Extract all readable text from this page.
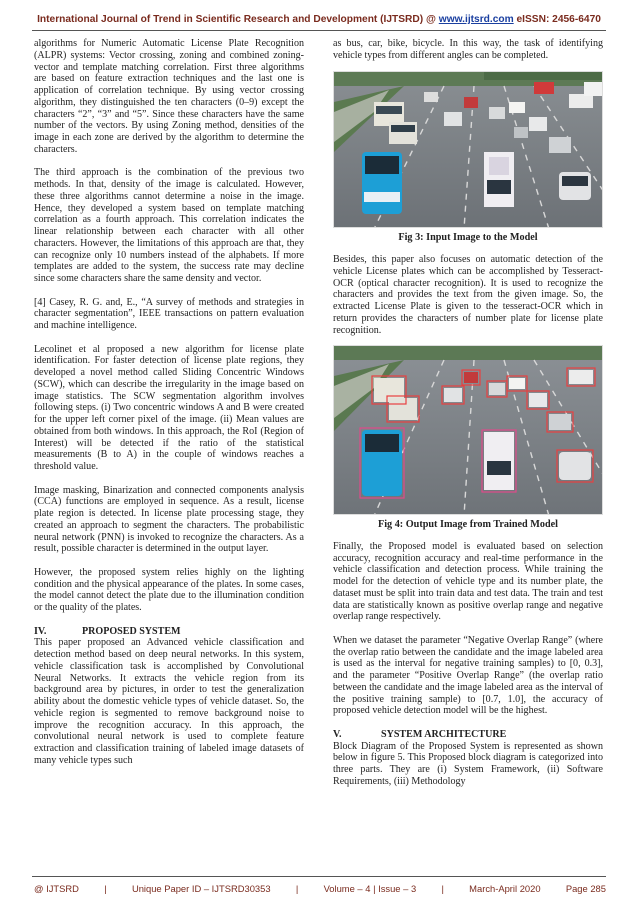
International Journal of Trend in Scientific Research and Development (IJTSRD) @ www.ijtsrd.com eISSN: 2456-6470

algorithms for Numeric Automatic License Plate Recognition (ALPR) systems: Vector crossing, zoning and combined zoning-vector and template matching correlation. First three algorithms are based on feature extraction techniques and the last one is application of correlation technique. By using vector crossing algorithm, they distinguished the ten characters (0–9) except the characters “2”, “3” and “5”. Since these characters have the same number of the vectors. By using Zoning method, densities of the image in each zone are derived by the algorithm to determine the characters.

The third approach is the combination of the previous two methods. In that, density of the image is calculated. However, these three algorithms cannot determine a noise in the image. Hence, they developed a system based on template matching correlation as a fourth approach. This correlation indicates the linear relationship between each character with all other characters. However, the limitations of this approach are that, they can recognize only 10 numbers instead of the alphabets. If more templates are added to the system, the success rate may decline since some characters share the same density and vector.

[4] Casey, R. G. and, E., “A survey of methods and strategies in character segmentation”, IEEE transactions on pattern evaluation and machine intelligence.

Lecolinet et al proposed a new algorithm for license plate identification. For faster detection of license plate regions, they developed a novel method called Sliding Concentric Windows (SCW), which can describe the irregularity in the image based on image statistics. The SCW segmentation algorithm involves following steps. (i) Two concentric windows A and B were created for the upper left corner pixel of the image. (ii) Mean values are obtained from both windows. In this approach, the RoI (Region of Interest) will be detected if the ratio of the statistical measurements (B to A) in the couple of windows reaches a threshold value.

Image masking, Binarization and connected components analysis (CCA) functions are employed in sequence. As a result, license plate region is detected. In license plate processing stage, they created an approach to segment the characters. The probabilistic neural network (PNN) is invoked to recognize the characters. As a result, possible character is determined in the output layer.

However, the proposed system relies highly on the lighting condition and the physical appearance of the plates. In some cases, the model cannot detect the plate due to the illumination condition or the quality of the plates.

IV.	PROPOSED SYSTEM

This paper proposed an Advanced vehicle classification and detection method based on deep neural networks. In this system, vehicle classification task is accomplished by Convolutional Neural Networks. It extracts the vehicle region from its background area by pictures, in order to test the generalization ability about the domestic vehicle types of vehicle dataset. So, the vehicle region is segmented to remove background noise to improve the recognition accuracy. In this approach, the convolutional neural network is used to complete feature extraction and classification training of labeled image datasets of many vehicle types such

as bus, car, bike, bicycle. In this way, the task of identifying vehicle types from different angles can be completed.

Fig 3: Input Image to the Model

Besides, this paper also focuses on automatic detection of the vehicle License plates which can be accomplished by Tesseract-OCR (optical character recognition). It is used to recognize the characters and provides the text from the given image. So, the extracted License Plate is given to the tesseract-OCR which in return provides the characters of number plate for license plate recognition.

Fig 4: Output Image from Trained Model

Finally, the Proposed model is evaluated based on selection accuracy, recognition accuracy and real-time performance in the vehicle classification and detection process. While training the model for the detection of vehicle type and its number plate, the dataset must be split into train data and test data. The train and test data are statistically known as positive overlap range and negative overlap range respectively.

When we dataset the parameter “Negative Overlap Range” (where the overlap ratio between the candidate and the image labeled area is used as the interval for negative training samples) to [0, 0.3], and the parameter “Positive Overlap Range” (the overlap ratio between the candidate and the image labeled area as the interval of the positive training sample) to [0.7, 1.0], the accuracy of proposed vehicle detection model will be the highest.

V.	SYSTEM ARCHITECTURE

Block Diagram of the Proposed System is represented as shown below in figure 5. This Proposed block diagram is categorized into three parts. They are (i) System Framework, (ii) Software Requirements, (iii) Methodology

@ IJTSRD	|	Unique Paper ID – IJTSRD30353	|	Volume – 4 | Issue – 3	|	March-April 2020	Page 285
